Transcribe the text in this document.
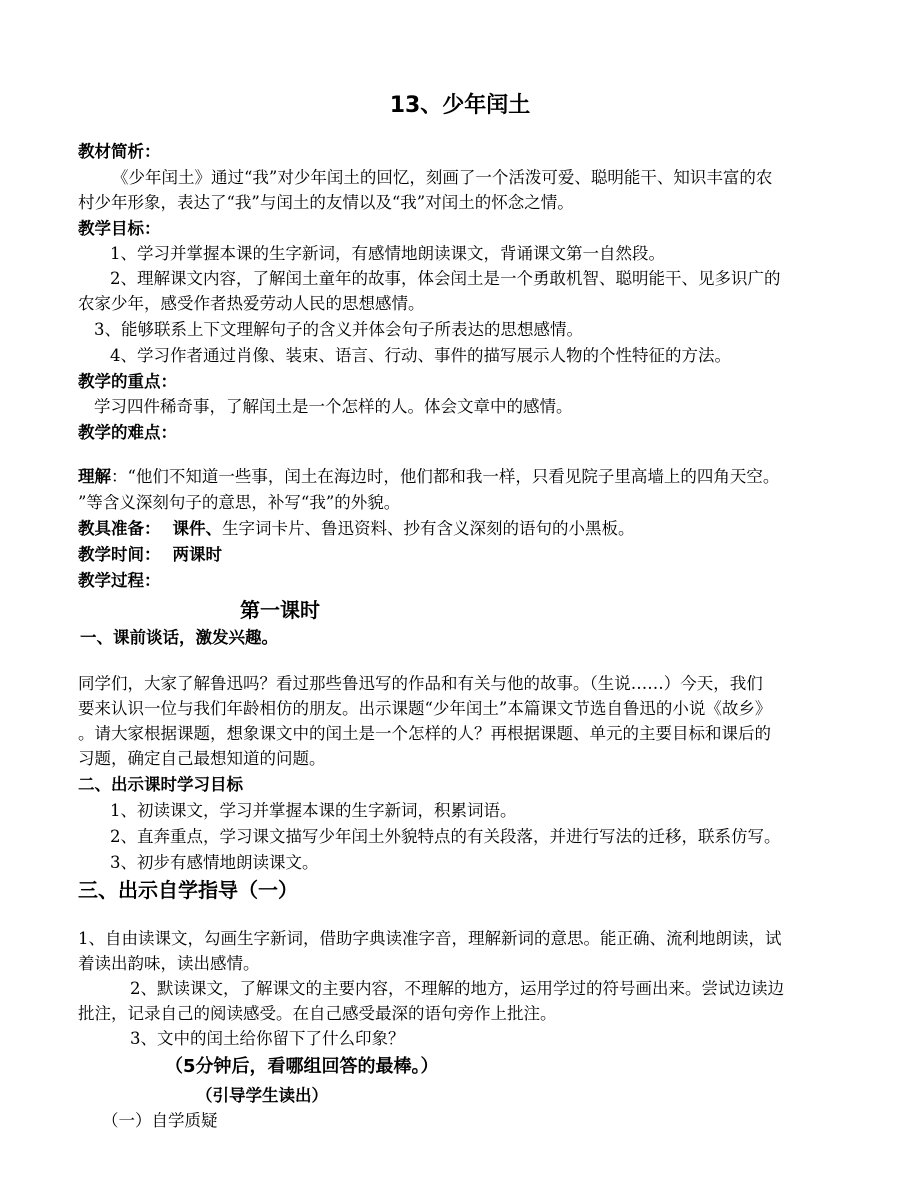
13、少年闰土
教材简析：
《少年闰土》通过“我”对少年闰土的回忆，刻画了一个活泼可爱、聪明能干、知识丰富的农
村少年形象，表达了“我”与闰土的友情以及“我”对闰土的怀念之情。
教学目标：
1、学习并掌握本课的生字新词，有感情地朗读课文，背诵课文第一自然段。
2、理解课文内容，了解闰土童年的故事，体会闰土是一个勇敢机智、聪明能干、见多识广的
农家少年，感受作者热爱劳动人民的思想感情。
3、能够联系上下文理解句子的含义并体会句子所表达的思想感情。
4、学习作者通过肖像、装束、语言、行动、事件的描写展示人物的个性特征的方法。
教学的重点：
学习四件稀奇事，了解闰土是一个怎样的人。体会文章中的感情。
教学的难点：
理解：“他们不知道一些事，闰土在海边时，他们都和我一样，只看见院子里高墙上的四角天空。
”等含义深刻句子的意思，补写“我”的外貌。
教具准备： 课件、生字词卡片、鲁迅资料、抄有含义深刻的语句的小黑板。
教学时间： 两课时
教学过程：
第一课时
一、课前谈话，激发兴趣。
同学们，大家了解鲁迅吗？看过那些鲁迅写的作品和有关与他的故事。（生说……）今天，我们
要来认识一位与我们年龄相仿的朋友。出示课题“少年闰土”本篇课文节选自鲁迅的小说《故乡》
。请大家根据课题，想象课文中的闰土是一个怎样的人？再根据课题、单元的主要目标和课后的
习题，确定自己最想知道的问题。
二、出示课时学习目标
1、初读课文，学习并掌握本课的生字新词，积累词语。
2、直奔重点，学习课文描写少年闰土外貌特点的有关段落，并进行写法的迁移，联系仿写。
3、初步有感情地朗读课文。
三、出示自学指导（一）
1、自由读课文，勾画生字新词，借助字典读准字音，理解新词的意思。能正确、流利地朗读，试
着读出韵味，读出感情。
2、默读课文，了解课文的主要内容，不理解的地方，运用学过的符号画出来。尝试边读边
批注，记录自己的阅读感受。在自己感受最深的语句旁作上批注。
3、文中的闰土给你留下了什么印象？
（5分钟后，看哪组回答的最棒。）
（引导学生读出）
（一）自学质疑
